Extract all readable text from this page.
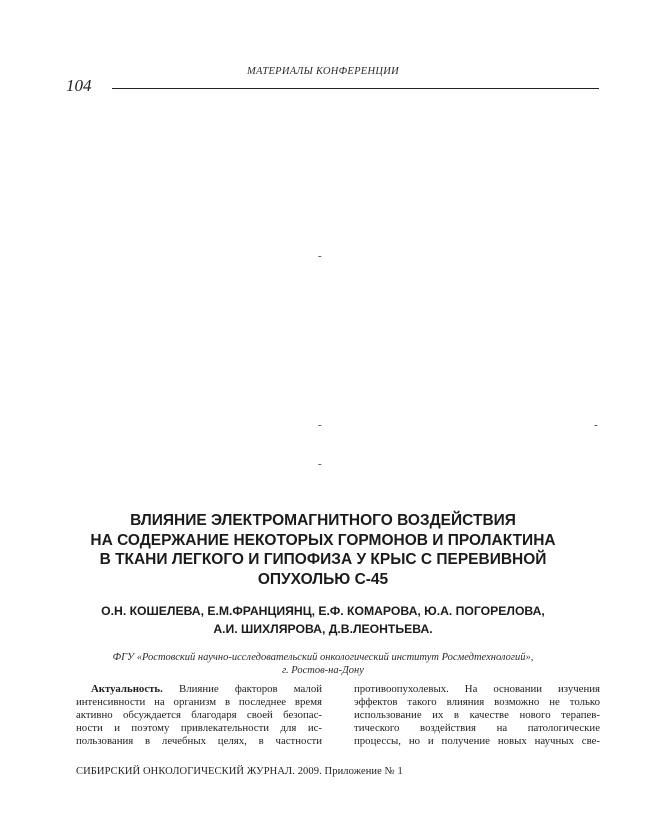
МАТЕРИАЛЫ КОНФЕРЕНЦИИ
104
-
-	-
-
ВЛИЯНИЕ ЭЛЕКТРОМАГНИТНОГО ВОЗДЕЙСТВИЯ
НА СОДЕРЖАНИЕ НЕКОТОРЫХ ГОРМОНОВ И ПРОЛАКТИНА
В ТКАНИ ЛЕГКОГО И ГИПОФИЗА У КРЫС С ПЕРЕВИВНОЙ
ОПУХОЛЬЮ С-45
О.Н. КОШЕЛЕВА, Е.М.ФРАНЦИЯНЦ, Е.Ф. КОМАРОВА, Ю.А. ПОГОРЕЛОВА,
А.И. ШИХЛЯРОВА, Д.В.ЛЕОНТЬЕВА.
ФГУ «Ростовский научно-исследовательский онкологический институт Росмедтехнологий»,
г. Ростов-на-Дону
Актуальность. Влияние факторов малой
интенсивности на организм в последнее время
активно обсуждается благодаря своей безопас-
ности и поэтому привлекательности для ис-
пользования в лечебных целях, в частности
противоопухолевых. На основании изучения
эффектов такого влияния возможно не только
использование их в качестве нового терапев-
тического воздействия на патологические
процессы, но и получение новых научных све-
СИБИРСКИЙ ОНКОЛОГИЧЕСКИЙ ЖУРНАЛ. 2009. Приложение № 1
